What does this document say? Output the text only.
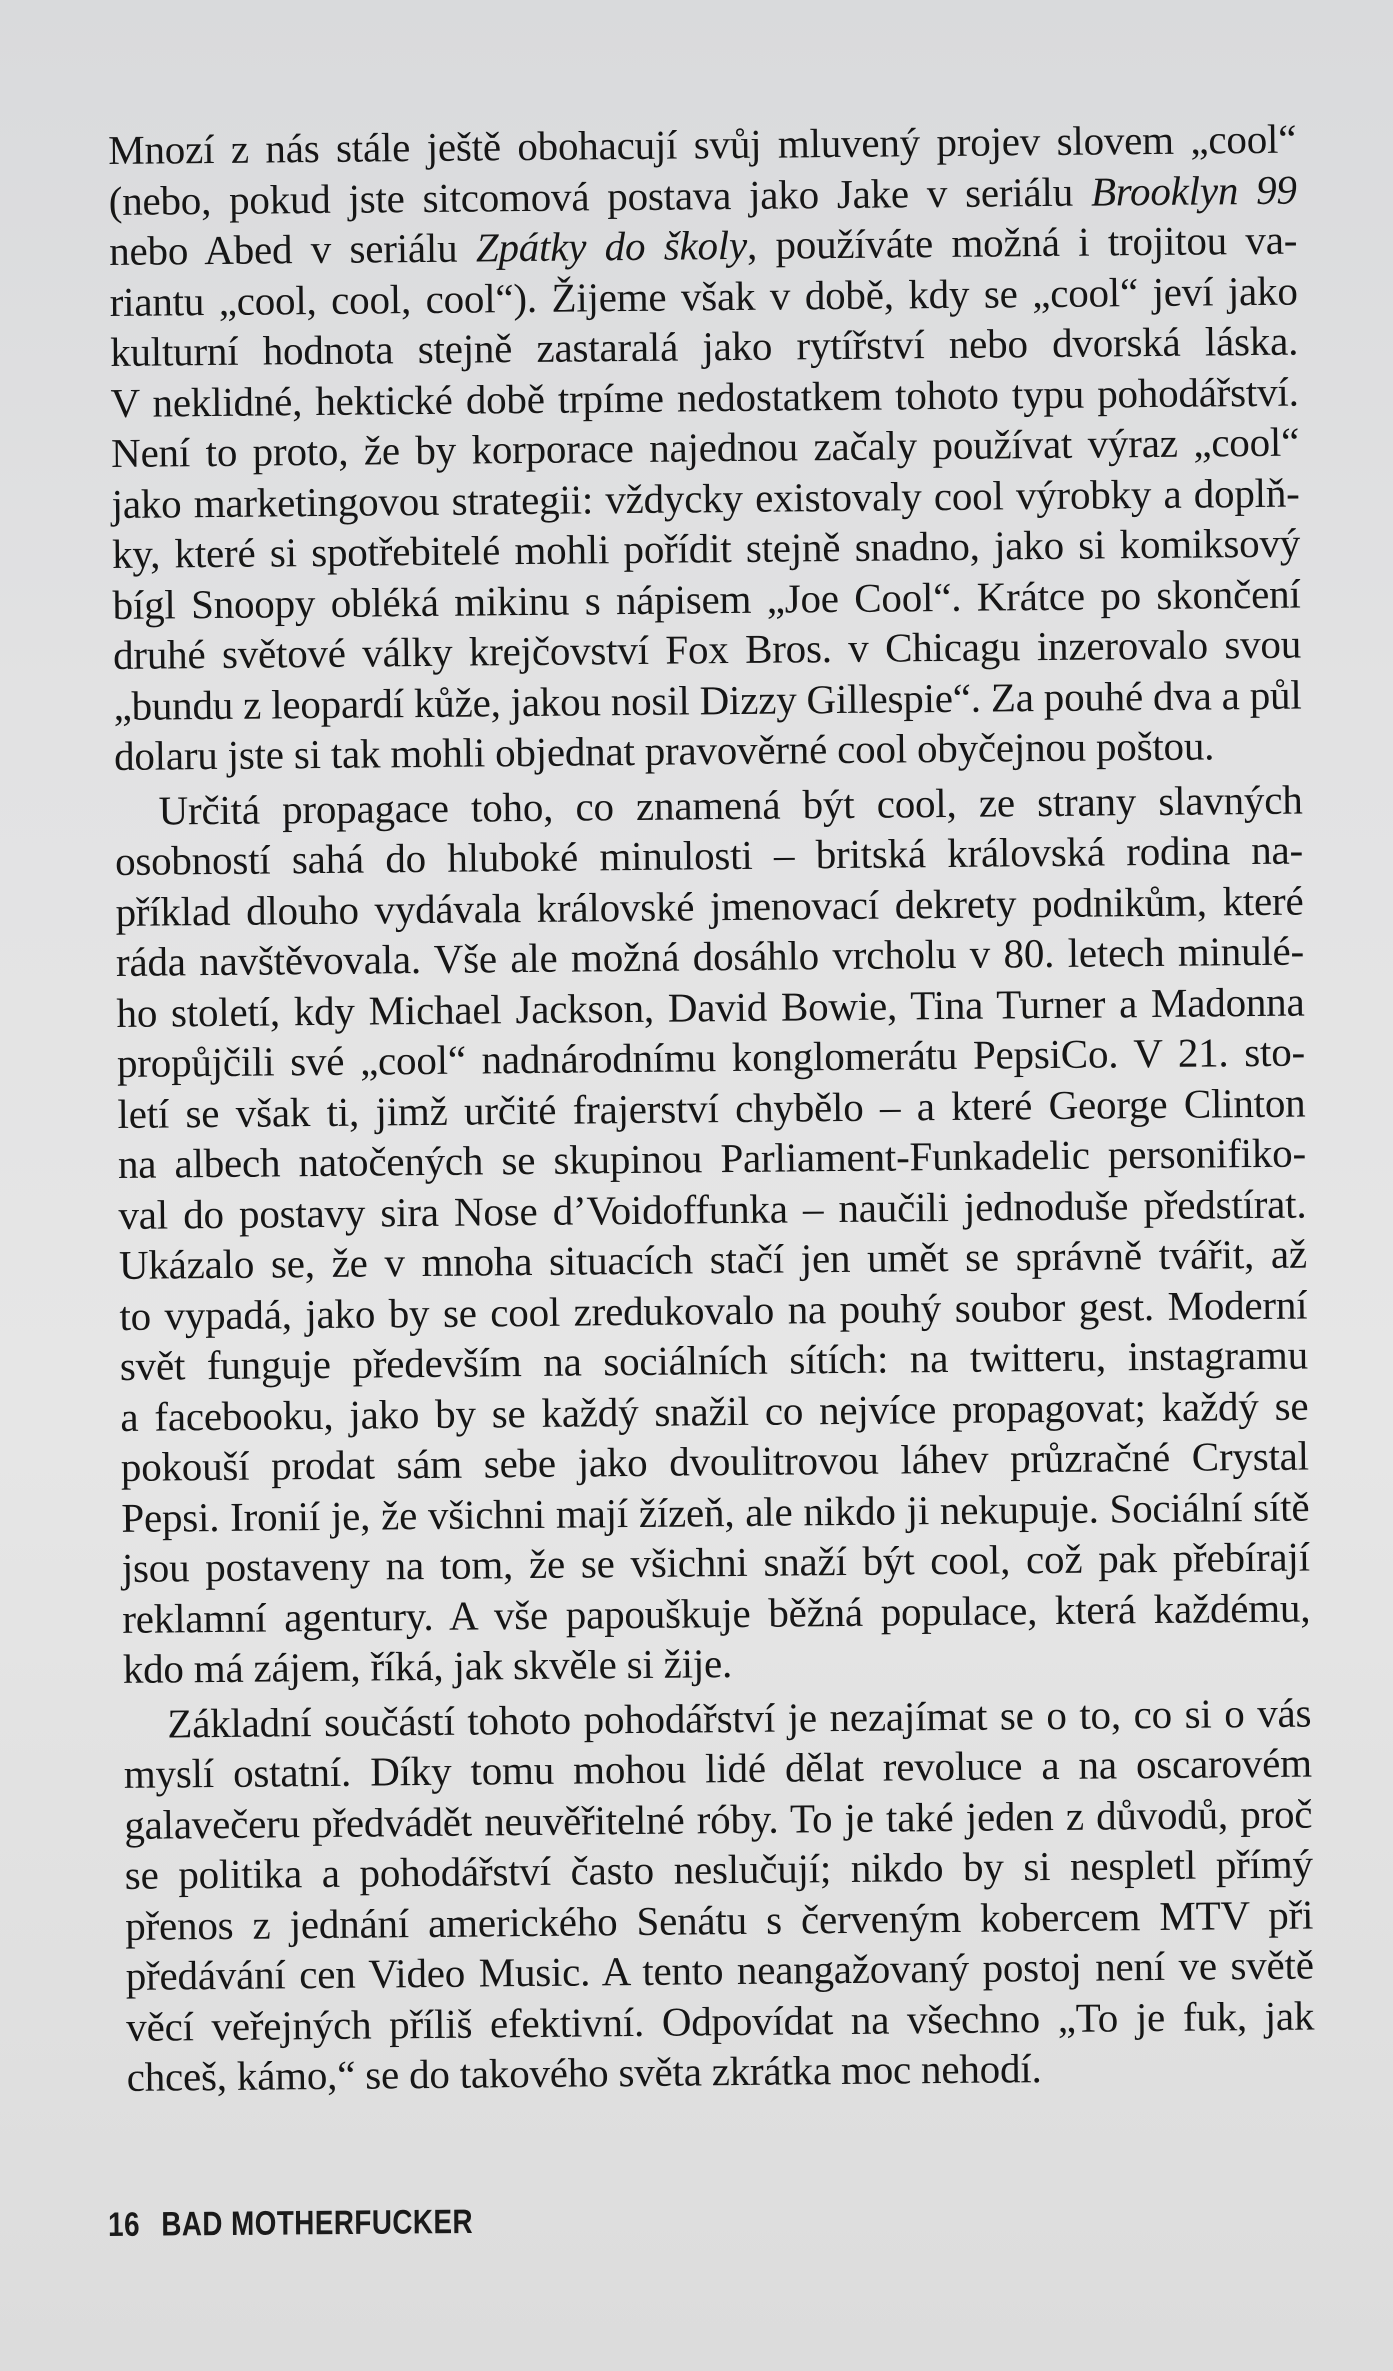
Mnozí z nás stále ještě obohacují svůj mluvený projev slovem „cool“
(nebo, pokud jste sitcomová postava jako Jake v seriálu Brooklyn 99
nebo Abed v seriálu Zpátky do školy, používáte možná i trojitou va-
riantu „cool, cool, cool“). Žijeme však v době, kdy se „cool“ jeví jako
kulturní hodnota stejně zastaralá jako rytířství nebo dvorská láska.
V neklidné, hektické době trpíme nedostatkem tohoto typu pohodářství.
Není to proto, že by korporace najednou začaly používat výraz „cool“
jako marketingovou strategii: vždycky existovaly cool výrobky a doplň-
ky, které si spotřebitelé mohli pořídit stejně snadno, jako si komiksový
bígl Snoopy obléká mikinu s nápisem „Joe Cool“. Krátce po skončení
druhé světové války krejčovství Fox Bros. v Chicagu inzerovalo svou
„bundu z leopardí kůže, jakou nosil Dizzy Gillespie“. Za pouhé dva a půl
dolaru jste si tak mohli objednat pravověrné cool obyčejnou poštou.
Určitá propagace toho, co znamená být cool, ze strany slavných
osobností sahá do hluboké minulosti – britská královská rodina na-
příklad dlouho vydávala královské jmenovací dekrety podnikům, které
ráda navštěvovala. Vše ale možná dosáhlo vrcholu v 80. letech minulé-
ho století, kdy Michael Jackson, David Bowie, Tina Turner a Madonna
propůjčili své „cool“ nadnárodnímu konglomerátu PepsiCo. V 21. sto-
letí se však ti, jimž určité frajerství chybělo – a které George Clinton
na albech natočených se skupinou Parliament-Funkadelic personifiko-
val do postavy sira Nose d’Voidoffunka – naučili jednoduše předstírat.
Ukázalo se, že v mnoha situacích stačí jen umět se správně tvářit, až
to vypadá, jako by se cool zredukovalo na pouhý soubor gest. Moderní
svět funguje především na sociálních sítích: na twitteru, instagramu
a facebooku, jako by se každý snažil co nejvíce propagovat; každý se
pokouší prodat sám sebe jako dvoulitrovou láhev průzračné Crystal
Pepsi. Ironií je, že všichni mají žízeň, ale nikdo ji nekupuje. Sociální sítě
jsou postaveny na tom, že se všichni snaží být cool, což pak přebírají
reklamní agentury. A vše papouškuje běžná populace, která každému,
kdo má zájem, říká, jak skvěle si žije.
Základní součástí tohoto pohodářství je nezajímat se o to, co si o vás
myslí ostatní. Díky tomu mohou lidé dělat revoluce a na oscarovém
galavečeru předvádět neuvěřitelné róby. To je také jeden z důvodů, proč
se politika a pohodářství často neslučují; nikdo by si nespletl přímý
přenos z jednání amerického Senátu s červeným kobercem MTV při
předávání cen Video Music. A tento neangažovaný postoj není ve světě
věcí veřejných příliš efektivní. Odpovídat na všechno „To je fuk, jak
chceš, kámo,“ se do takového světa zkrátka moc nehodí.
16 BAD MOTHERFUCKER
